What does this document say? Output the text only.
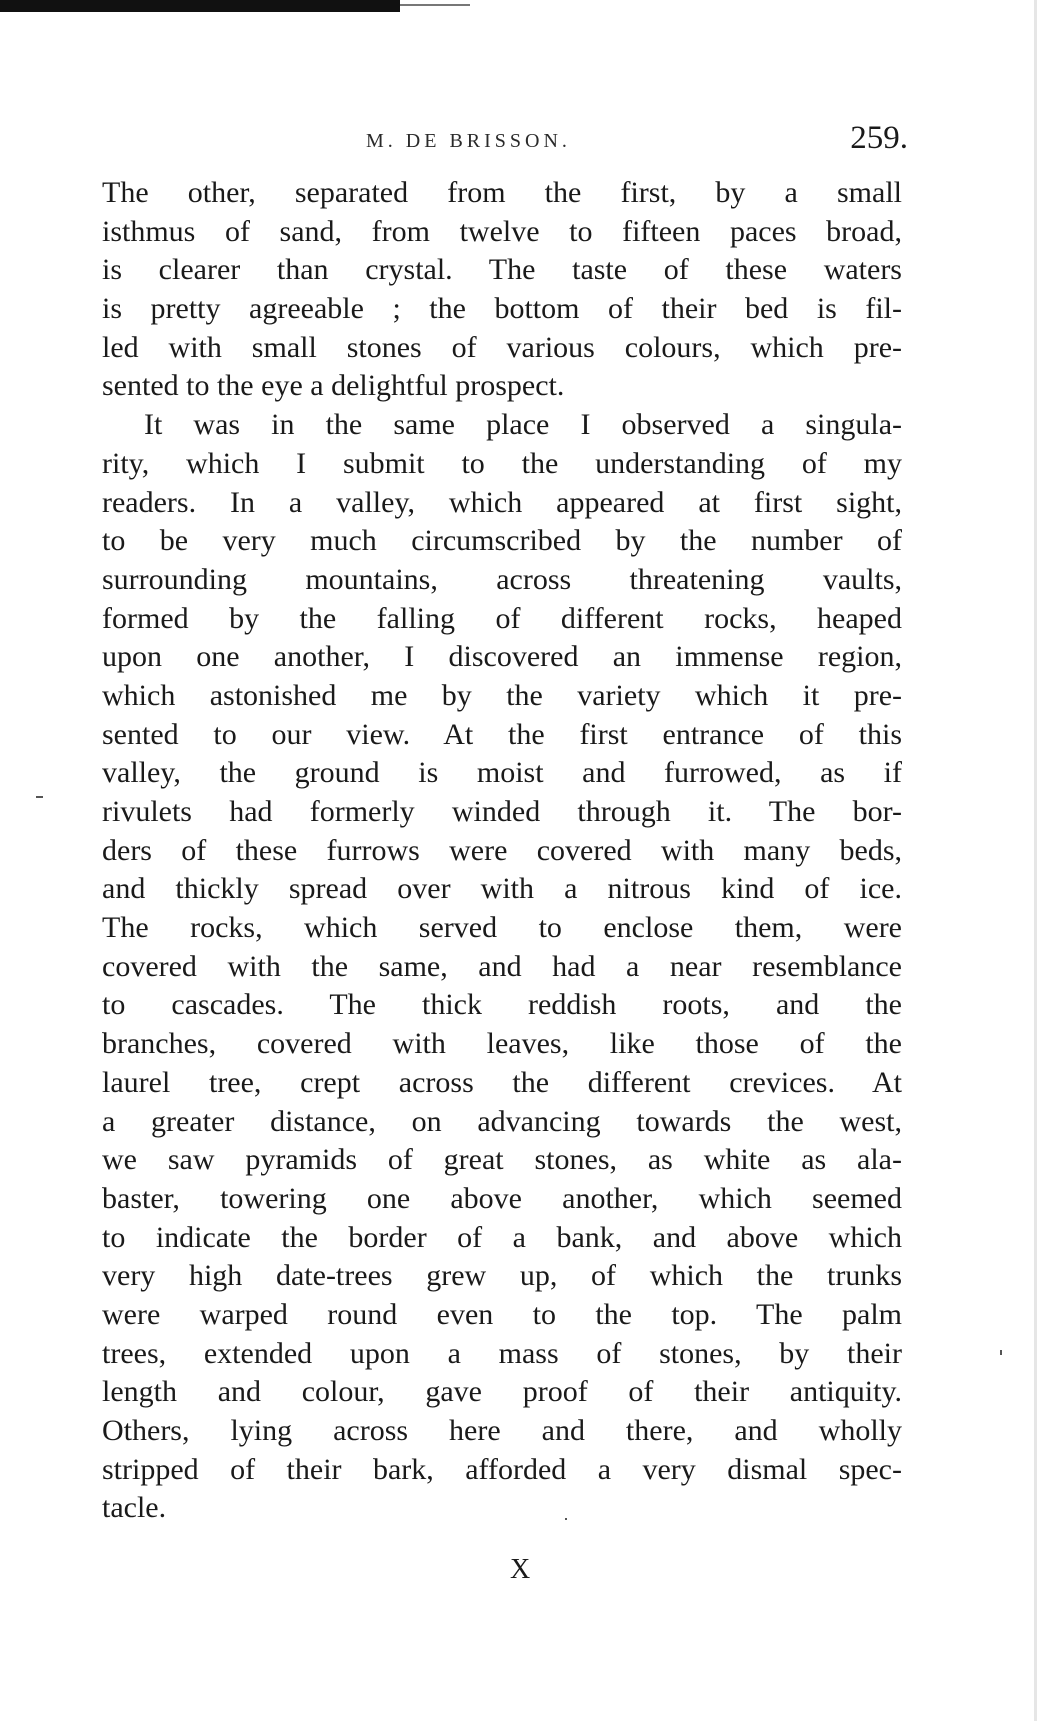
M. DE BRISSON.	259.
The other, separated from the first, by a small
isthmus of sand, from twelve to fifteen paces broad,
is clearer than crystal. The taste of these waters
is pretty agreeable ; the bottom of their bed is fil-
led with small stones of various colours, which pre-
sented to the eye a delightful prospect.
It was in the same place I observed a singula-
rity, which I submit to the understanding of my
readers. In a valley, which appeared at first sight,
to be very much circumscribed by the number of
surrounding mountains, across threatening vaults,
formed by the falling of different rocks, heaped
upon one another, I discovered an immense region,
which astonished me by the variety which it pre-
sented to our view. At the first entrance of this
valley, the ground is moist and furrowed, as if
rivulets had formerly winded through it. The bor-
ders of these furrows were covered with many beds,
and thickly spread over with a nitrous kind of ice.
The rocks, which served to enclose them, were
covered with the same, and had a near resemblance
to cascades. The thick reddish roots, and the
branches, covered with leaves, like those of the
laurel tree, crept across the different crevices. At
a greater distance, on advancing towards the west,
we saw pyramids of great stones, as white as ala-
baster, towering one above another, which seemed
to indicate the border of a bank, and above which
very high date-trees grew up, of which the trunks
were warped round even to the top. The palm
trees, extended upon a mass of stones, by their
length and colour, gave proof of their antiquity.
Others, lying across here and there, and wholly
stripped of their bark, afforded a very dismal spec-
tacle.
X
